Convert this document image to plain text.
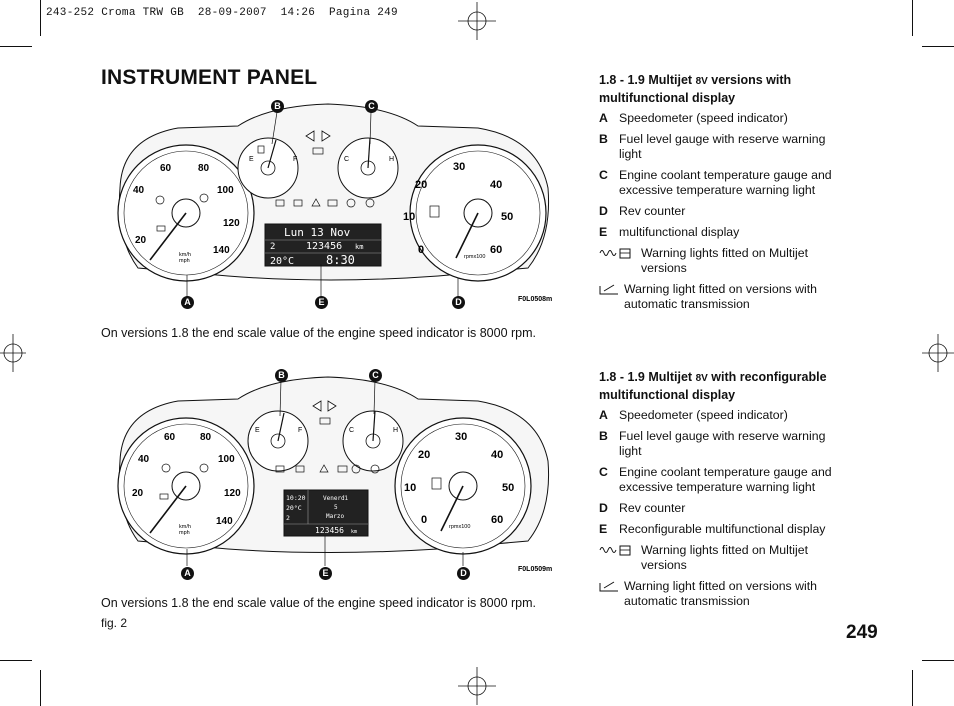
243-252 Croma TRW GB  28-09-2007  14:26  Pagina 249
INSTRUMENT PANEL
20
40
60	80
100
120
140
km/h mph
0
10
20
30
40
50
60
rpmx100
E	F	C	H
Lun 13 Nov
2	123456 km
20°C	8:30
F0L0508m
B	C
A	E	D
On versions 1.8 the end scale value of the engine speed indicator is 8000 rpm.
20
40
60 80
100
120
140
km/h mph
0
10
20
30
40
50
60
rpmx100
E	F	C	H
10:20
20°C
2
Venerdì
5
Marzo
123456 km
F0L0509m
B	C
A	E	D
On versions 1.8 the end scale value of the engine speed indicator is 8000 rpm.
fig. 2	249
1.8 - 1.9 Multijet 8V versions with multifunctional display
A Speedometer (speed indicator)
B Fuel level gauge with reserve warning light
C Engine coolant temperature gauge and excessive temperature warning light
D Rev counter
E multifunctional display
Warning lights fitted on Multijet versions
Warning light fitted on versions with automatic transmission
1.8 - 1.9 Multijet 8V with reconfigurable multifunctional display
A Speedometer (speed indicator)
B Fuel level gauge with reserve warning light
C Engine coolant temperature gauge and excessive temperature warning light
D Rev counter
E Reconfigurable multifunctional display
Warning lights fitted on Multijet versions
Warning light fitted on versions with automatic transmission
